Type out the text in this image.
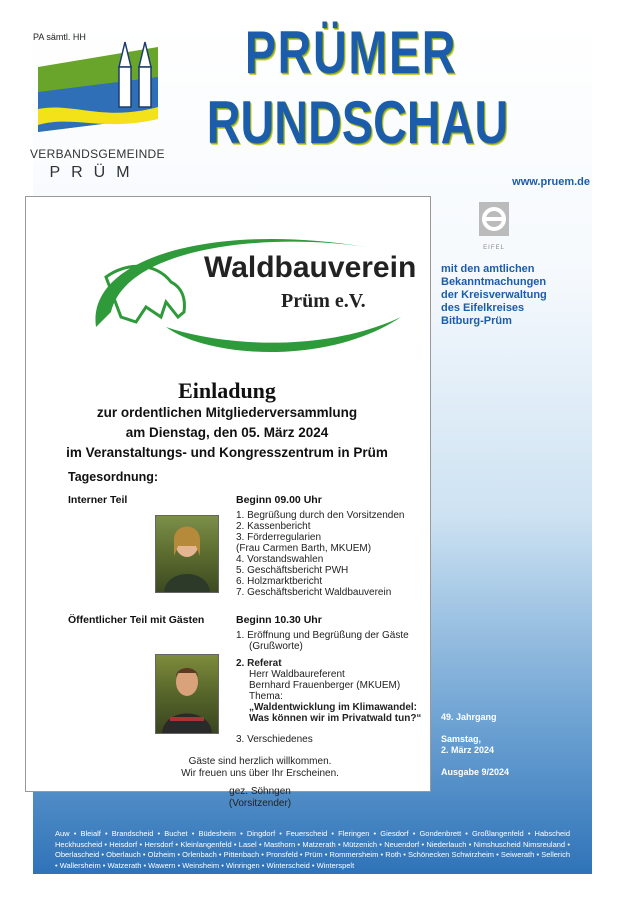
PA sämtl. HH
VERBANDSGEMEINDE
PRÜM
PRÜMER
RUNDSCHAU
www.pruem.de
EIFEL
mit den amtlichen Bekanntmachungen der Kreisverwaltung des Eifelkreises Bitburg-Prüm
49. Jahrgang
Samstag,
2. März 2024
Ausgabe 9/2024
Waldbauverein
Prüm e.V.
Einladung
zur ordentlichen Mitgliederversammlung
am Dienstag, den 05. März 2024
im Veranstaltungs- und Kongresszentrum in Prüm
Tagesordnung:
Interner Teil	Beginn 09.00 Uhr
1. Begrüßung durch den Vorsitzenden
2. Kassenbericht
3. Förderregularien
(Frau Carmen Barth, MKUEM)
4. Vorstandswahlen
5. Geschäftsbericht PWH
6. Holzmarktbericht
7. Geschäftsbericht Waldbauverein
Öffentlicher Teil mit Gästen	Beginn 10.30 Uhr
1. Eröffnung und Begrüßung der Gäste
(Grußworte)
2. Referat
Herr Waldbaureferent
Bernhard Frauenberger (MKUEM)
Thema:
„Waldentwicklung im Klimawandel:
Was können wir im Privatwald tun?“
3. Verschiedenes
Gäste sind herzlich willkommen.
Wir freuen uns über Ihr Erscheinen.
gez. Söhngen
(Vorsitzender)
Auw • Bleialf • Brandscheid • Buchet • Büdesheim • Dingdorf • Feuerscheid • Fleringen • Giesdorf • Gondenbrett • Großlangenfeld • Habscheid Heckhuscheid • Heisdorf • Hersdorf • Kleinlangenfeld • Lasel • Masthorn • Matzerath • Mützenich • Neuendorf • Niederlauch • Nimshuscheid Nimsreuland • Oberlascheid • Oberlauch • Olzheim • Orlenbach • Pittenbach • Pronsfeld • Prüm • Rommersheim • Roth • Schönecken Schwirzheim • Seiwerath • Sellerich • Wallersheim • Watzerath • Wawern • Weinsheim • Winringen • Winterscheid • Winterspelt
